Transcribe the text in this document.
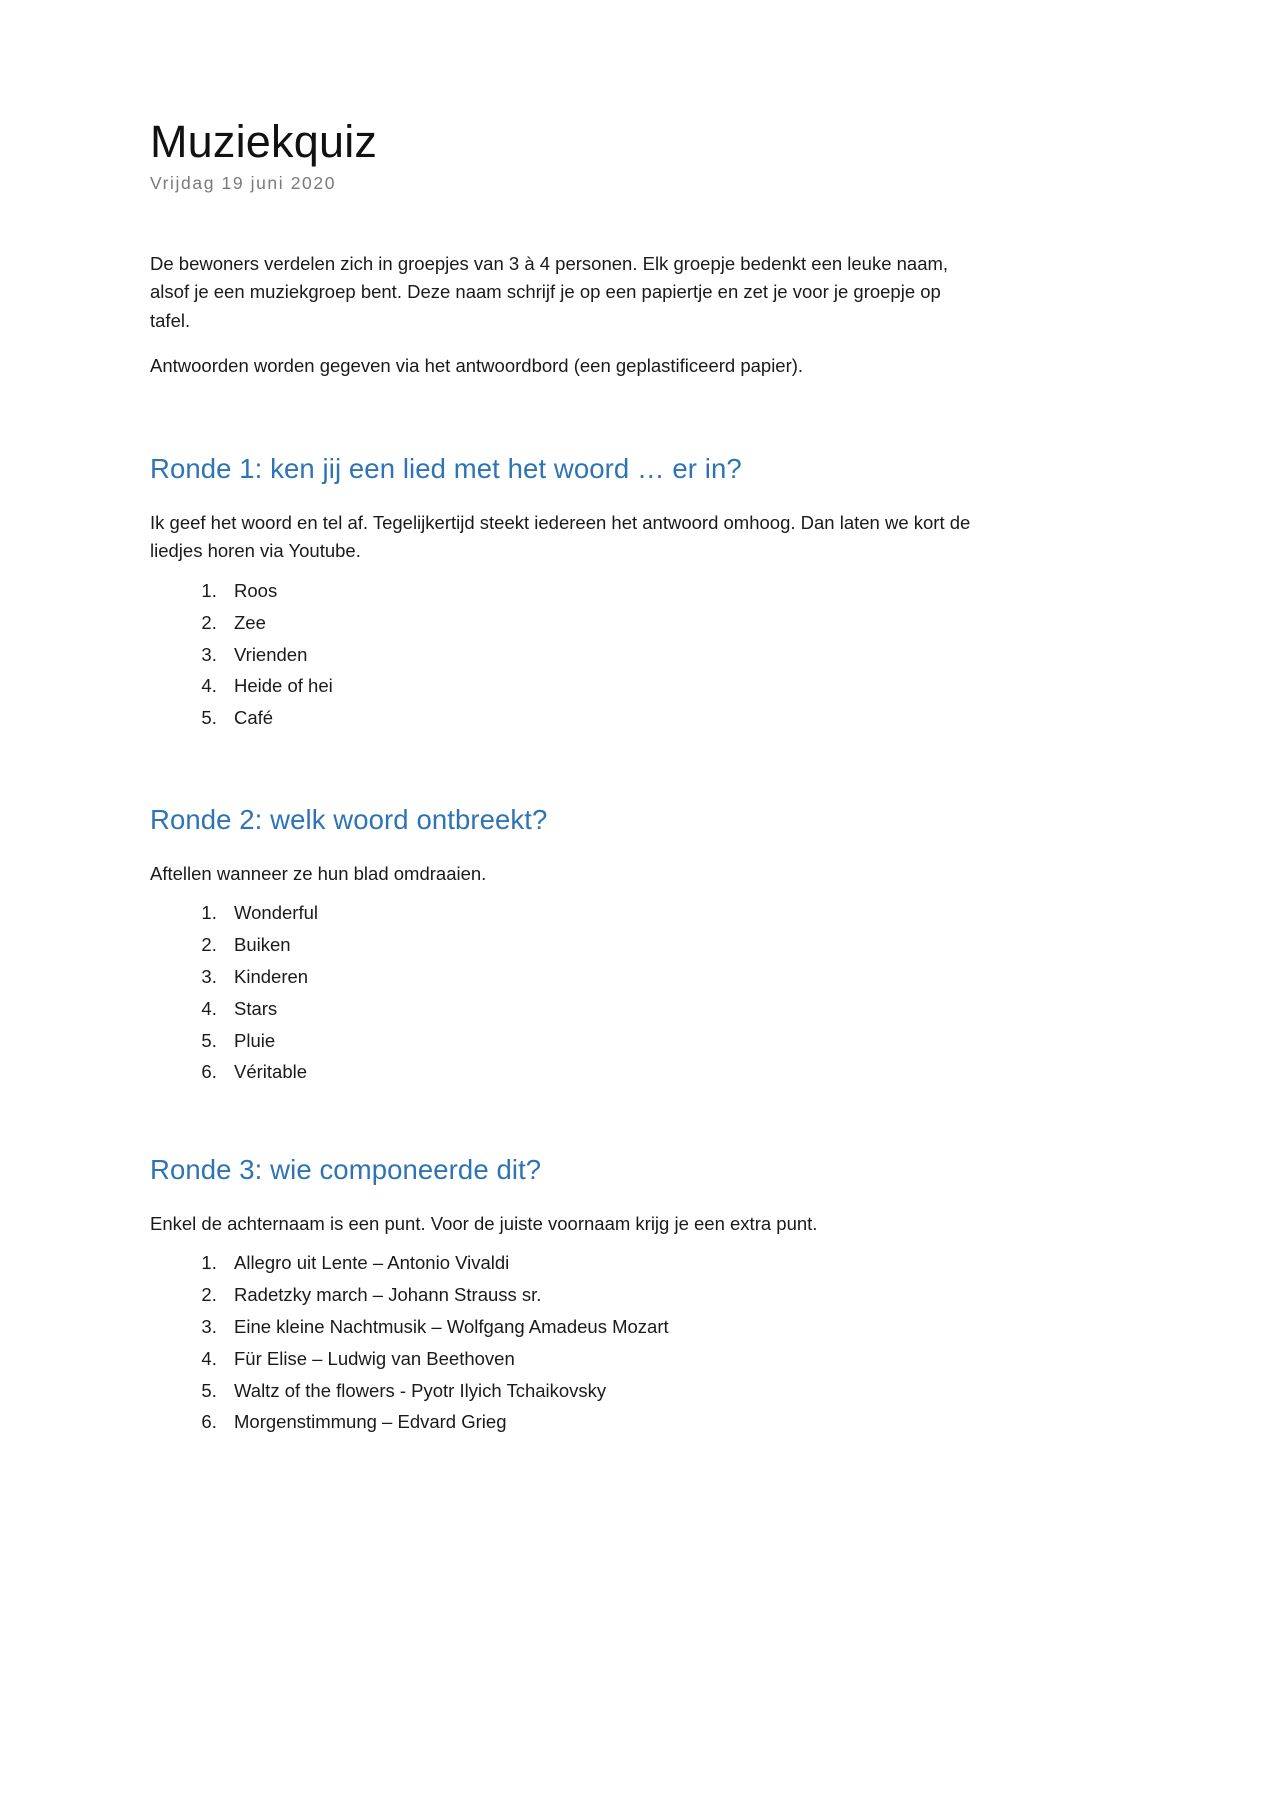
Muziekquiz
Vrijdag 19 juni 2020

De bewoners verdelen zich in groepjes van 3 à 4 personen. Elk groepje bedenkt een leuke naam, alsof je een muziekgroep bent. Deze naam schrijf je op een papiertje en zet je voor je groepje op tafel.

Antwoorden worden gegeven via het antwoordbord (een geplastificeerd papier).

Ronde 1: ken jij een lied met het woord … er in?

Ik geef het woord en tel af. Tegelijkertijd steekt iedereen het antwoord omhoog. Dan laten we kort de liedjes horen via Youtube.

1. Roos
2. Zee
3. Vrienden
4. Heide of hei
5. Café
Ronde 2: welk woord ontbreekt?

Aftellen wanneer ze hun blad omdraaien.

1. Wonderful
2. Buiken
3. Kinderen
4. Stars
5. Pluie
6. Véritable
Ronde 3: wie componeerde dit?

Enkel de achternaam is een punt. Voor de juiste voornaam krijg je een extra punt.

1. Allegro uit Lente – Antonio Vivaldi
2. Radetzky march – Johann Strauss sr.
3. Eine kleine Nachtmusik – Wolfgang Amadeus Mozart
4. Für Elise – Ludwig van Beethoven
5. Waltz of the flowers - Pyotr Ilyich Tchaikovsky
6. Morgenstimmung – Edvard Grieg
